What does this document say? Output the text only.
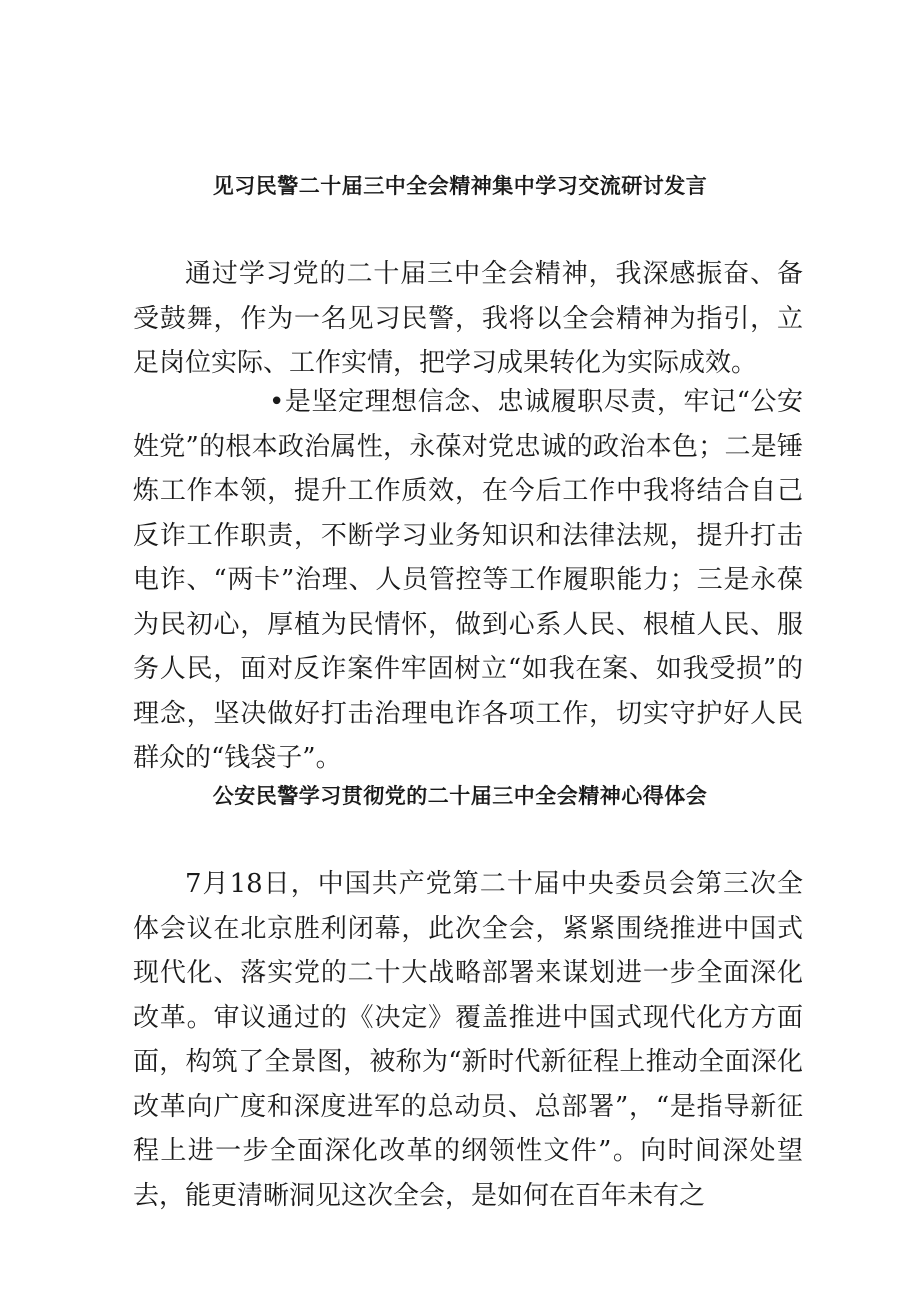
见习民警二十届三中全会精神集中学习交流研讨发言

通过学习党的二十届三中全会精神，我深感振奋、备受鼓舞，作为一名见习民警，我将以全会精神为指引，立足岗位实际、工作实情，把学习成果转化为实际成效。

•是坚定理想信念、忠诚履职尽责，牢记“公安姓党”的根本政治属性，永葆对党忠诚的政治本色；二是锤炼工作本领，提升工作质效，在今后工作中我将结合自己反诈工作职责，不断学习业务知识和法律法规，提升打击电诈、“两卡”治理、人员管控等工作履职能力；三是永葆为民初心，厚植为民情怀，做到心系人民、根植人民、服务人民，面对反诈案件牢固树立“如我在案、如我受损”的理念，坚决做好打击治理电诈各项工作，切实守护好人民群众的“钱袋子”。

公安民警学习贯彻党的二十届三中全会精神心得体会

7月18日，中国共产党第二十届中央委员会第三次全体会议在北京胜利闭幕，此次全会，紧紧围绕推进中国式现代化、落实党的二十大战略部署来谋划进一步全面深化改革。审议通过的《决定》覆盖推进中国式现代化方方面面，构筑了全景图，被称为“新时代新征程上推动全面深化改革向广度和深度进军的总动员、总部署”，“是指导新征程上进一步全面深化改革的纲领性文件”。向时间深处望去，能更清晰洞见这次全会，是如何在百年未有之
